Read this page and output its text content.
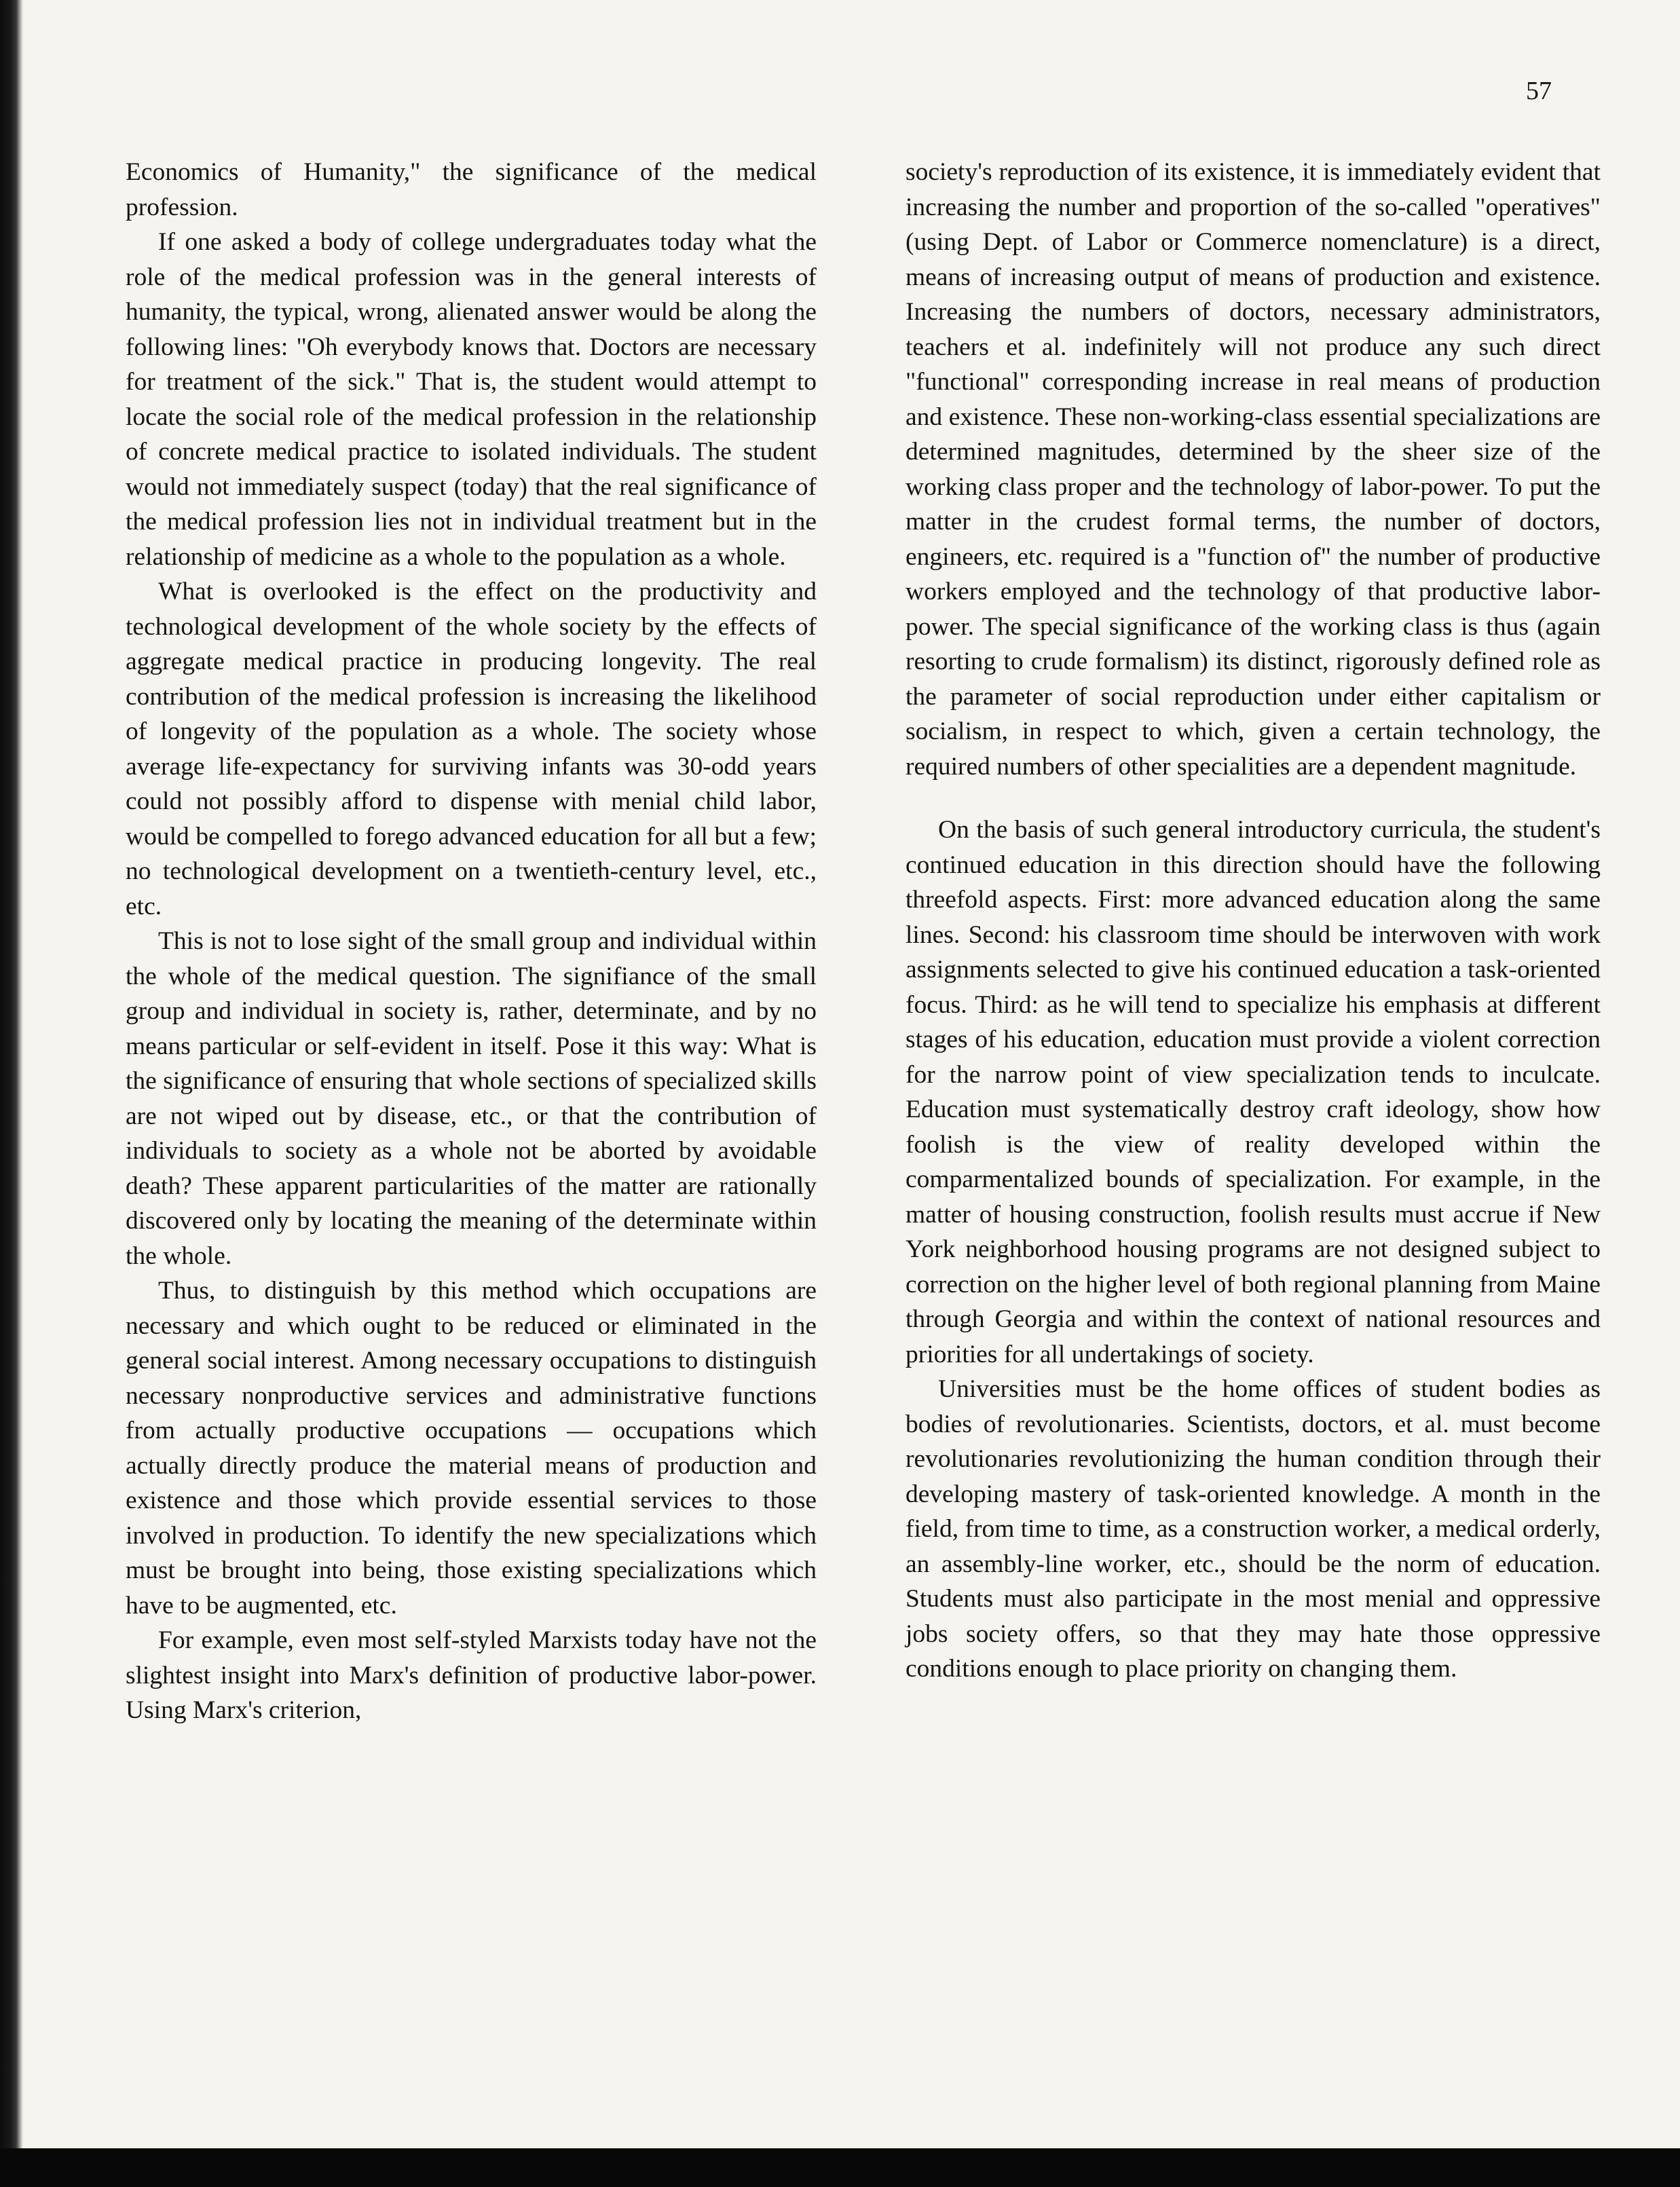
57

Economics of Humanity," the significance of the medical profession.

If one asked a body of college undergraduates today what the role of the medical profession was in the general interests of humanity, the typical, wrong, alienated answer would be along the following lines: "Oh everybody knows that. Doctors are necessary for treatment of the sick." That is, the student would attempt to locate the social role of the medical profession in the relationship of concrete medical practice to isolated individuals. The student would not immediately suspect (today) that the real significance of the medical profession lies not in individual treatment but in the relationship of medicine as a whole to the population as a whole.

What is overlooked is the effect on the productivity and technological development of the whole society by the effects of aggregate medical practice in producing longevity. The real contribution of the medical profession is increasing the likelihood of longevity of the population as a whole. The society whose average life-expectancy for surviving infants was 30-odd years could not possibly afford to dispense with menial child labor, would be compelled to forego advanced education for all but a few; no technological development on a twentieth-century level, etc., etc.

This is not to lose sight of the small group and individual within the whole of the medical question. The signifiance of the small group and individual in society is, rather, determinate, and by no means particular or self-evident in itself. Pose it this way: What is the significance of ensuring that whole sections of specialized skills are not wiped out by disease, etc., or that the contribution of individuals to society as a whole not be aborted by avoidable death? These apparent particularities of the matter are rationally discovered only by locating the meaning of the determinate within the whole.

Thus, to distinguish by this method which occupations are necessary and which ought to be reduced or eliminated in the general social interest. Among necessary occupations to distinguish necessary nonproductive services and administrative functions from actually productive occupations — occupations which actually directly produce the material means of production and existence and those which provide essential services to those involved in production. To identify the new specializations which must be brought into being, those existing specializations which have to be augmented, etc.

For example, even most self-styled Marxists today have not the slightest insight into Marx's definition of productive labor-power. Using Marx's criterion,

society's reproduction of its existence, it is immediately evident that increasing the number and proportion of the so-called "operatives" (using Dept. of Labor or Commerce nomenclature) is a direct, means of increasing output of means of production and existence. Increasing the numbers of doctors, necessary administrators, teachers et al. indefinitely will not produce any such direct "functional" corresponding increase in real means of production and existence. These non-working-class essential specializations are determined magnitudes, determined by the sheer size of the working class proper and the technology of labor-power. To put the matter in the crudest formal terms, the number of doctors, engineers, etc. required is a "function of" the number of productive workers employed and the technology of that productive labor-power. The special significance of the working class is thus (again resorting to crude formalism) its distinct, rigorously defined role as the parameter of social reproduction under either capitalism or socialism, in respect to which, given a certain technology, the required numbers of other specialities are a dependent magnitude.

On the basis of such general introductory curricula, the student's continued education in this direction should have the following threefold aspects. First: more advanced education along the same lines. Second: his classroom time should be interwoven with work assignments selected to give his continued education a task-oriented focus. Third: as he will tend to specialize his emphasis at different stages of his education, education must provide a violent correction for the narrow point of view specialization tends to inculcate. Education must systematically destroy craft ideology, show how foolish is the view of reality developed within the comparmentalized bounds of specialization. For example, in the matter of housing construction, foolish results must accrue if New York neighborhood housing programs are not designed subject to correction on the higher level of both regional planning from Maine through Georgia and within the context of national resources and priorities for all undertakings of society.

Universities must be the home offices of student bodies as bodies of revolutionaries. Scientists, doctors, et al. must become revolutionaries revolutionizing the human condition through their developing mastery of task-oriented knowledge. A month in the field, from time to time, as a construction worker, a medical orderly, an assembly-line worker, etc., should be the norm of education. Students must also participate in the most menial and oppressive jobs society offers, so that they may hate those oppressive conditions enough to place priority on changing them.
